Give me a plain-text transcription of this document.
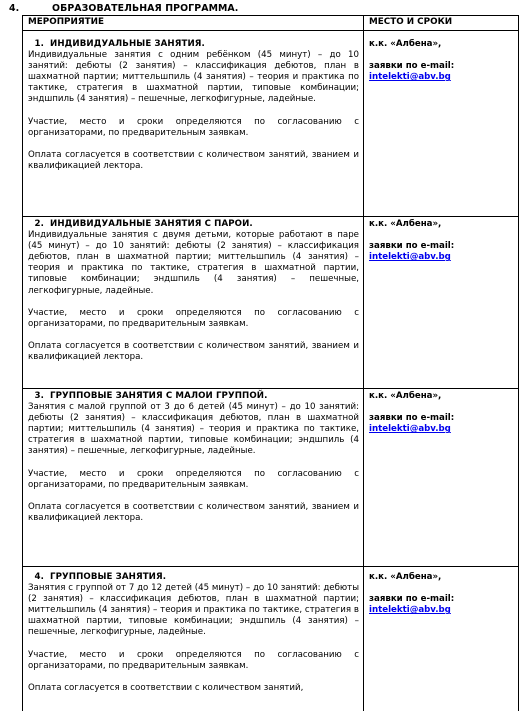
4.	ОБРАЗОВАТЕЛЬНАЯ ПРОГРАММА.
МЕРОПРИЯТИЕ	МЕСТО И СРОКИ
1. ИНДИВИДУАЛЬНЫЕ ЗАНЯТИЯ.

Индивидуальные занятия с одним ребёнком (45 минут) – до 10 занятий: дебюты (2 занятия) – классификация дебютов, план в шахматной партии; миттельшпиль (4 занятия) – теория и практика по тактике, стратегия в шахматной партии, типовые комбинации; эндшпиль (4 занятия) – пешечные, легкофигурные, ладейные.

Участие, место и сроки определяются по согласованию с организаторами, по предварительным заявкам.

Оплата согласуется в соответствии с количеством занятий, званием и квалификацией лектора.

к.к. «Албена»,
заявки по e-mail:
intelekti@abv.bg
2. ИНДИВИДУАЛЬНЫЕ ЗАНЯТИЯ С ПАРОИ.

Индивидуальные занятия с двумя детьми, которые работают в паре (45 минут) – до 10 занятий: дебюты (2 занятия) – классификация дебютов, план в шахматной партии; миттельшпиль (4 занятия) – теория и практика по тактике, стратегия в шахматной партии, типовые комбинации; эндшпиль (4 занятия) – пешечные, легкофигурные, ладейные.

Участие, место и сроки определяются по согласованию с организаторами, по предварительным заявкам.

Оплата согласуется в соответствии с количеством занятий, званием и квалификацией лектора.

к.к. «Албена»,
заявки по e-mail:
intelekti@abv.bg
3. ГРУППОВЫЕ ЗАНЯТИЯ С МАЛОИ ГРУППОЙ.

Занятия с малой группой от 3 до 6 детей (45 минут) – до 10 занятий: дебюты (2 занятия) – классификация дебютов, план в шахматной партии; миттельшпиль (4 занятия) – теория и практика по тактике, стратегия в шахматной партии, типовые комбинации; эндшпиль (4 занятия) – пешечные, легкофигурные, ладейные.

Участие, место и сроки определяются по согласованию с организаторами, по предварительным заявкам.

Оплата согласуется в соответствии с количеством занятий, званием и квалификацией лектора.

к.к. «Албена»,
заявки по e-mail:
intelekti@abv.bg
4. ГРУППОВЫЕ ЗАНЯТИЯ.

Занятия с группой от 7 до 12 детей (45 минут) – до 10 занятий: дебюты (2 занятия) – классификация дебютов, план в шахматной партии; миттельшпиль (4 занятия) – теория и практика по тактике, стратегия в шахматной партии, типовые комбинации; эндшпиль (4 занятия) – пешечные, легкофигурные, ладейные.

Участие, место и сроки определяются по согласованию с организаторами, по предварительным заявкам.

Оплата согласуется в соответствии с количеством занятий,

к.к. «Албена»,
заявки по e-mail:
intelekti@abv.bg
